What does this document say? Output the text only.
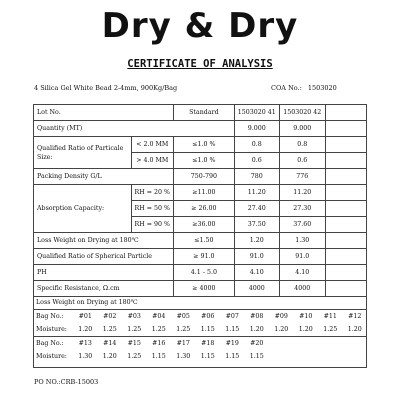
Dry & Dry
CERTIFICATE OF ANALYSIS
4 Silica Gel White Bead 2-4mm, 900Kg/Bag	COA No.: 1503020
Lot No.		Standard	1503020 41	1503020 42	
Quantity (MT)			9.000	9.000	
Qualified Ratio of Particale Size:	< 2.0 MM	≤1.0 %	0.8	0.8	
	> 4.0 MM	≤1.0 %	0.6	0.6	
Packing Density G/L		750-790	780	776	
Absorption Capacity:	RH = 20 %	≥11.00	11.20	11.20	
	RH = 50 %	≥ 26.00	27.40	27.30	
	RH = 90 %	≥36.00	37.50	37.60	
Loss Weight on Drying at 180℃		≤1.50	1.20	1.30	
Qualified Ratio of Spherical Particle		≥ 91.0	91.0	91.0	
PH		4.1 - 5.0	4.10	4.10	
Specific Resistance, Ω.cm		≥ 4000	4000	4000	
Loss Weight on Drying at 180℃												
Bag No.:	#01	#02	#03	#04	#05	#06	#07	#08	#09	#10	#11	#12
Moisture:	1.20	1.25	1.25	1.25	1.25	1.15	1.15	1.20	1.20	1.20	1.25	1.20
Bag No.:	#13	#14	#15	#16	#17	#18	#19	#20				
Moisture:	1.30	1.20	1.25	1.15	1.30	1.15	1.15	1.15				
PO NO.:CRB-15003
